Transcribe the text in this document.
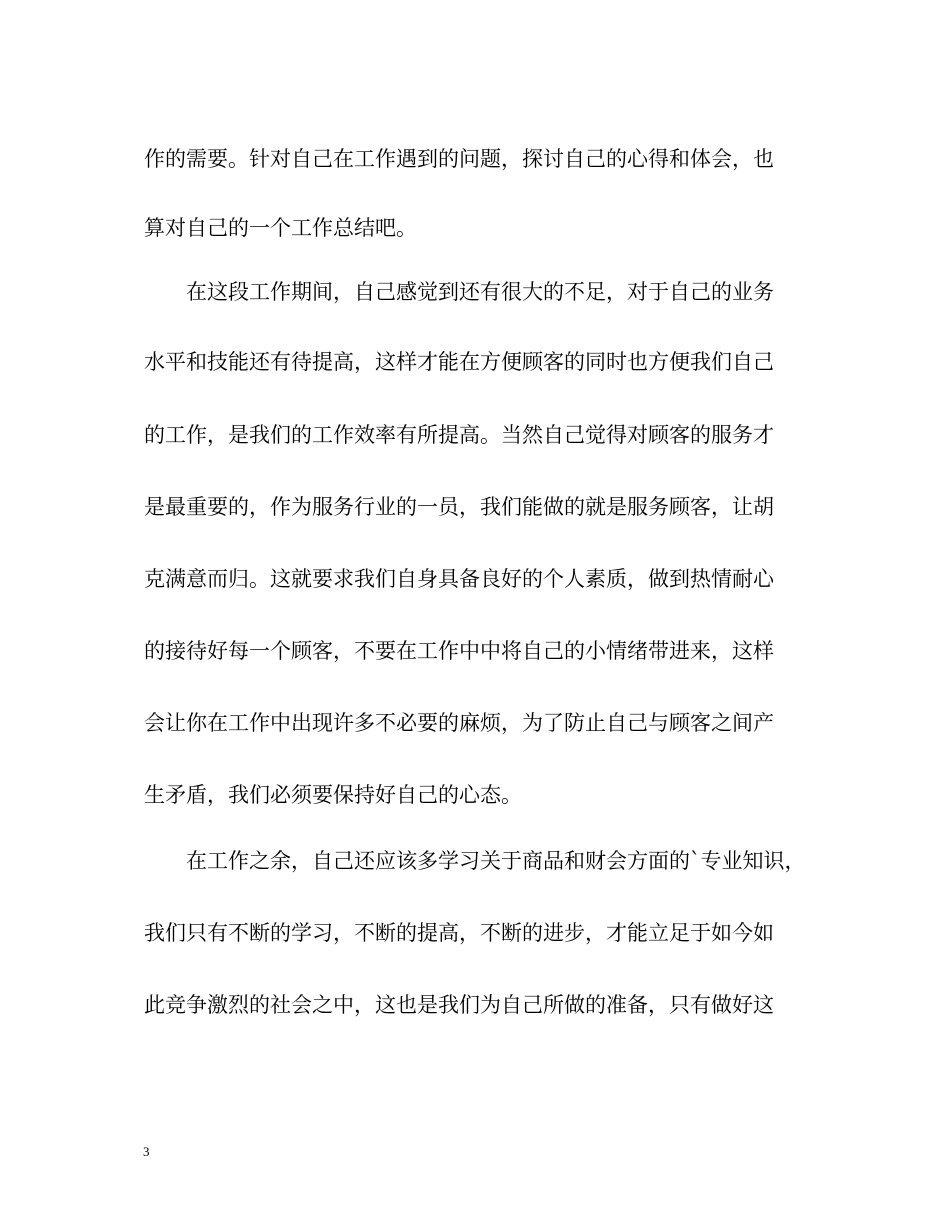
作的需要。针对自己在工作遇到的问题，探讨自己的心得和体会，也
算对自己的一个工作总结吧。
在这段工作期间，自己感觉到还有很大的不足，对于自己的业务
水平和技能还有待提高，这样才能在方便顾客的同时也方便我们自己
的工作，是我们的工作效率有所提高。当然自己觉得对顾客的服务才
是最重要的，作为服务行业的一员，我们能做的就是服务顾客，让胡
克满意而归。这就要求我们自身具备良好的个人素质，做到热情耐心
的接待好每一个顾客，不要在工作中中将自己的小情绪带进来，这样
会让你在工作中出现许多不必要的麻烦，为了防止自己与顾客之间产
生矛盾，我们必须要保持好自己的心态。
在工作之余，自己还应该多学习关于商品和财会方面的`专业知识，
我们只有不断的学习，不断的提高，不断的进步，才能立足于如今如
此竞争激烈的社会之中，这也是我们为自己所做的准备，只有做好这
3
